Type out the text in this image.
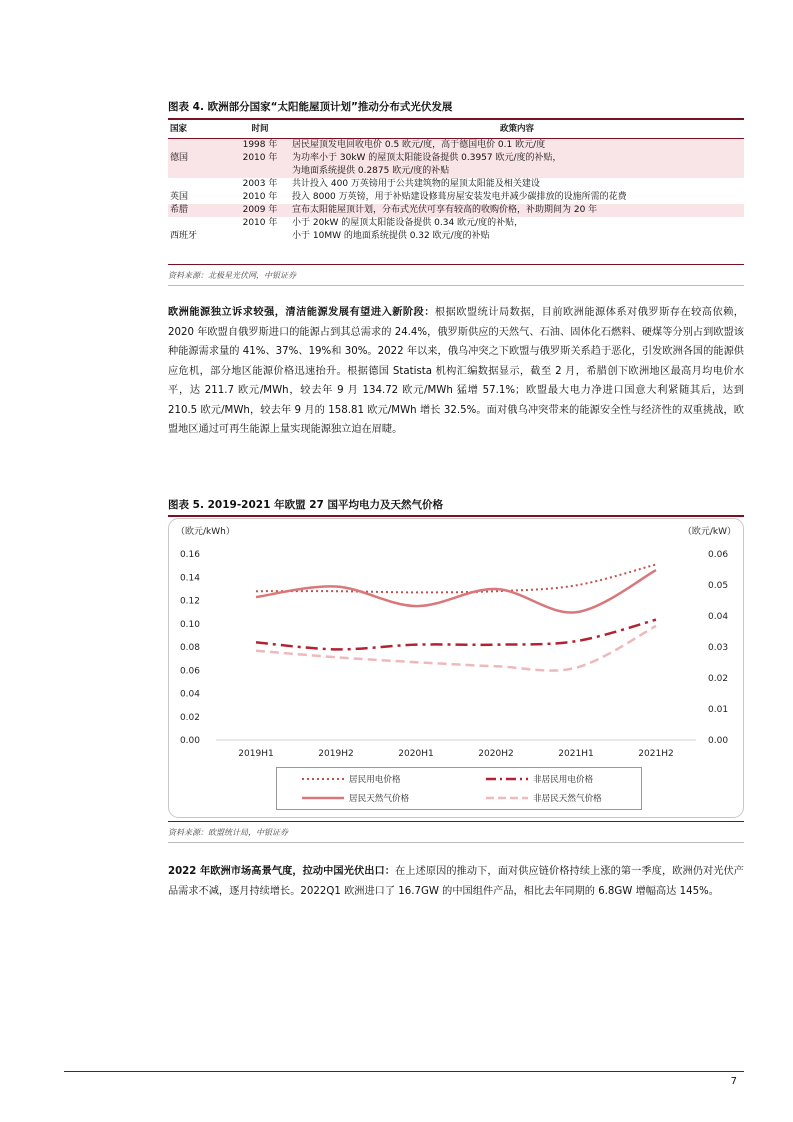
图表 4. 欧洲部分国家“太阳能屋顶计划”推动分布式光伏发展
国家	时间	政策内容
	1998 年	居民屋顶发电回收电价 0.5 欧元/度，高于德国电价 0.1 欧元/度
德国	2010 年	为功率小于 30kW 的屋顶太阳能设备提供 0.3957 欧元/度的补贴，
		为地面系统提供 0.2875 欧元/度的补贴
	2003 年	共计投入 400 万英镑用于公共建筑物的屋顶太阳能及相关建设
英国	2010 年	投入 8000 万英镑，用于补贴建设修葺房屋安装发电并减少碳排放的设施所需的花费
希腊	2009 年	宣布太阳能屋顶计划，分布式光伏可享有较高的收购价格，补助期间为 20 年
	2010 年	小于 20kW 的屋顶太阳能设备提供 0.34 欧元/度的补贴，
西班牙		小于 10MW 的地面系统提供 0.32 欧元/度的补贴
资料来源：北极星光伏网，中银证券
欧洲能源独立诉求较强，清洁能源发展有望进入新阶段：根据欧盟统计局数据，目前欧洲能源体系对俄罗斯存在较高依赖，2020 年欧盟自俄罗斯进口的能源占到其总需求的 24.4%，俄罗斯供应的天然气、石油、固体化石燃料、硬煤等分别占到欧盟该种能源需求量的 41%、37%、19%和 30%。2022 年以来，俄乌冲突之下欧盟与俄罗斯关系趋于恶化，引发欧洲各国的能源供应危机，部分地区能源价格迅速抬升。根据德国 Statista 机构汇编数据显示，截至 2 月，希腊创下欧洲地区最高月均电价水平，达 211.7 欧元/MWh，较去年 9 月 134.72 欧元/MWh 猛增 57.1%；欧盟最大电力净进口国意大利紧随其后，达到 210.5 欧元/MWh，较去年 9 月的 158.81 欧元/MWh 增长 32.5%。面对俄乌冲突带来的能源安全性与经济性的双重挑战，欧盟地区通过可再生能源上量实现能源独立迫在眉睫。
图表 5. 2019-2021 年欧盟 27 国平均电力及天然气价格
（欧元/kWh）	（欧元/kW）
0.00
0.02
0.04
0.06
0.08
0.10
0.12
0.14
0.16
0.00
0.01
0.02
0.03
0.04
0.05
0.06
2019H1	2019H2	2020H1	2020H2	2021H1	2021H2
居民用电价格	非居民用电价格
居民天然气价格	非居民天然气价格
资料来源：欧盟统计局，中银证券
2022 年欧洲市场高景气度，拉动中国光伏出口：在上述原因的推动下，面对供应链价格持续上涨的第一季度，欧洲仍对光伏产品需求不减，逐月持续增长。2022Q1 欧洲进口了 16.7GW 的中国组件产品，相比去年同期的 6.8GW 增幅高达 145%。
7
